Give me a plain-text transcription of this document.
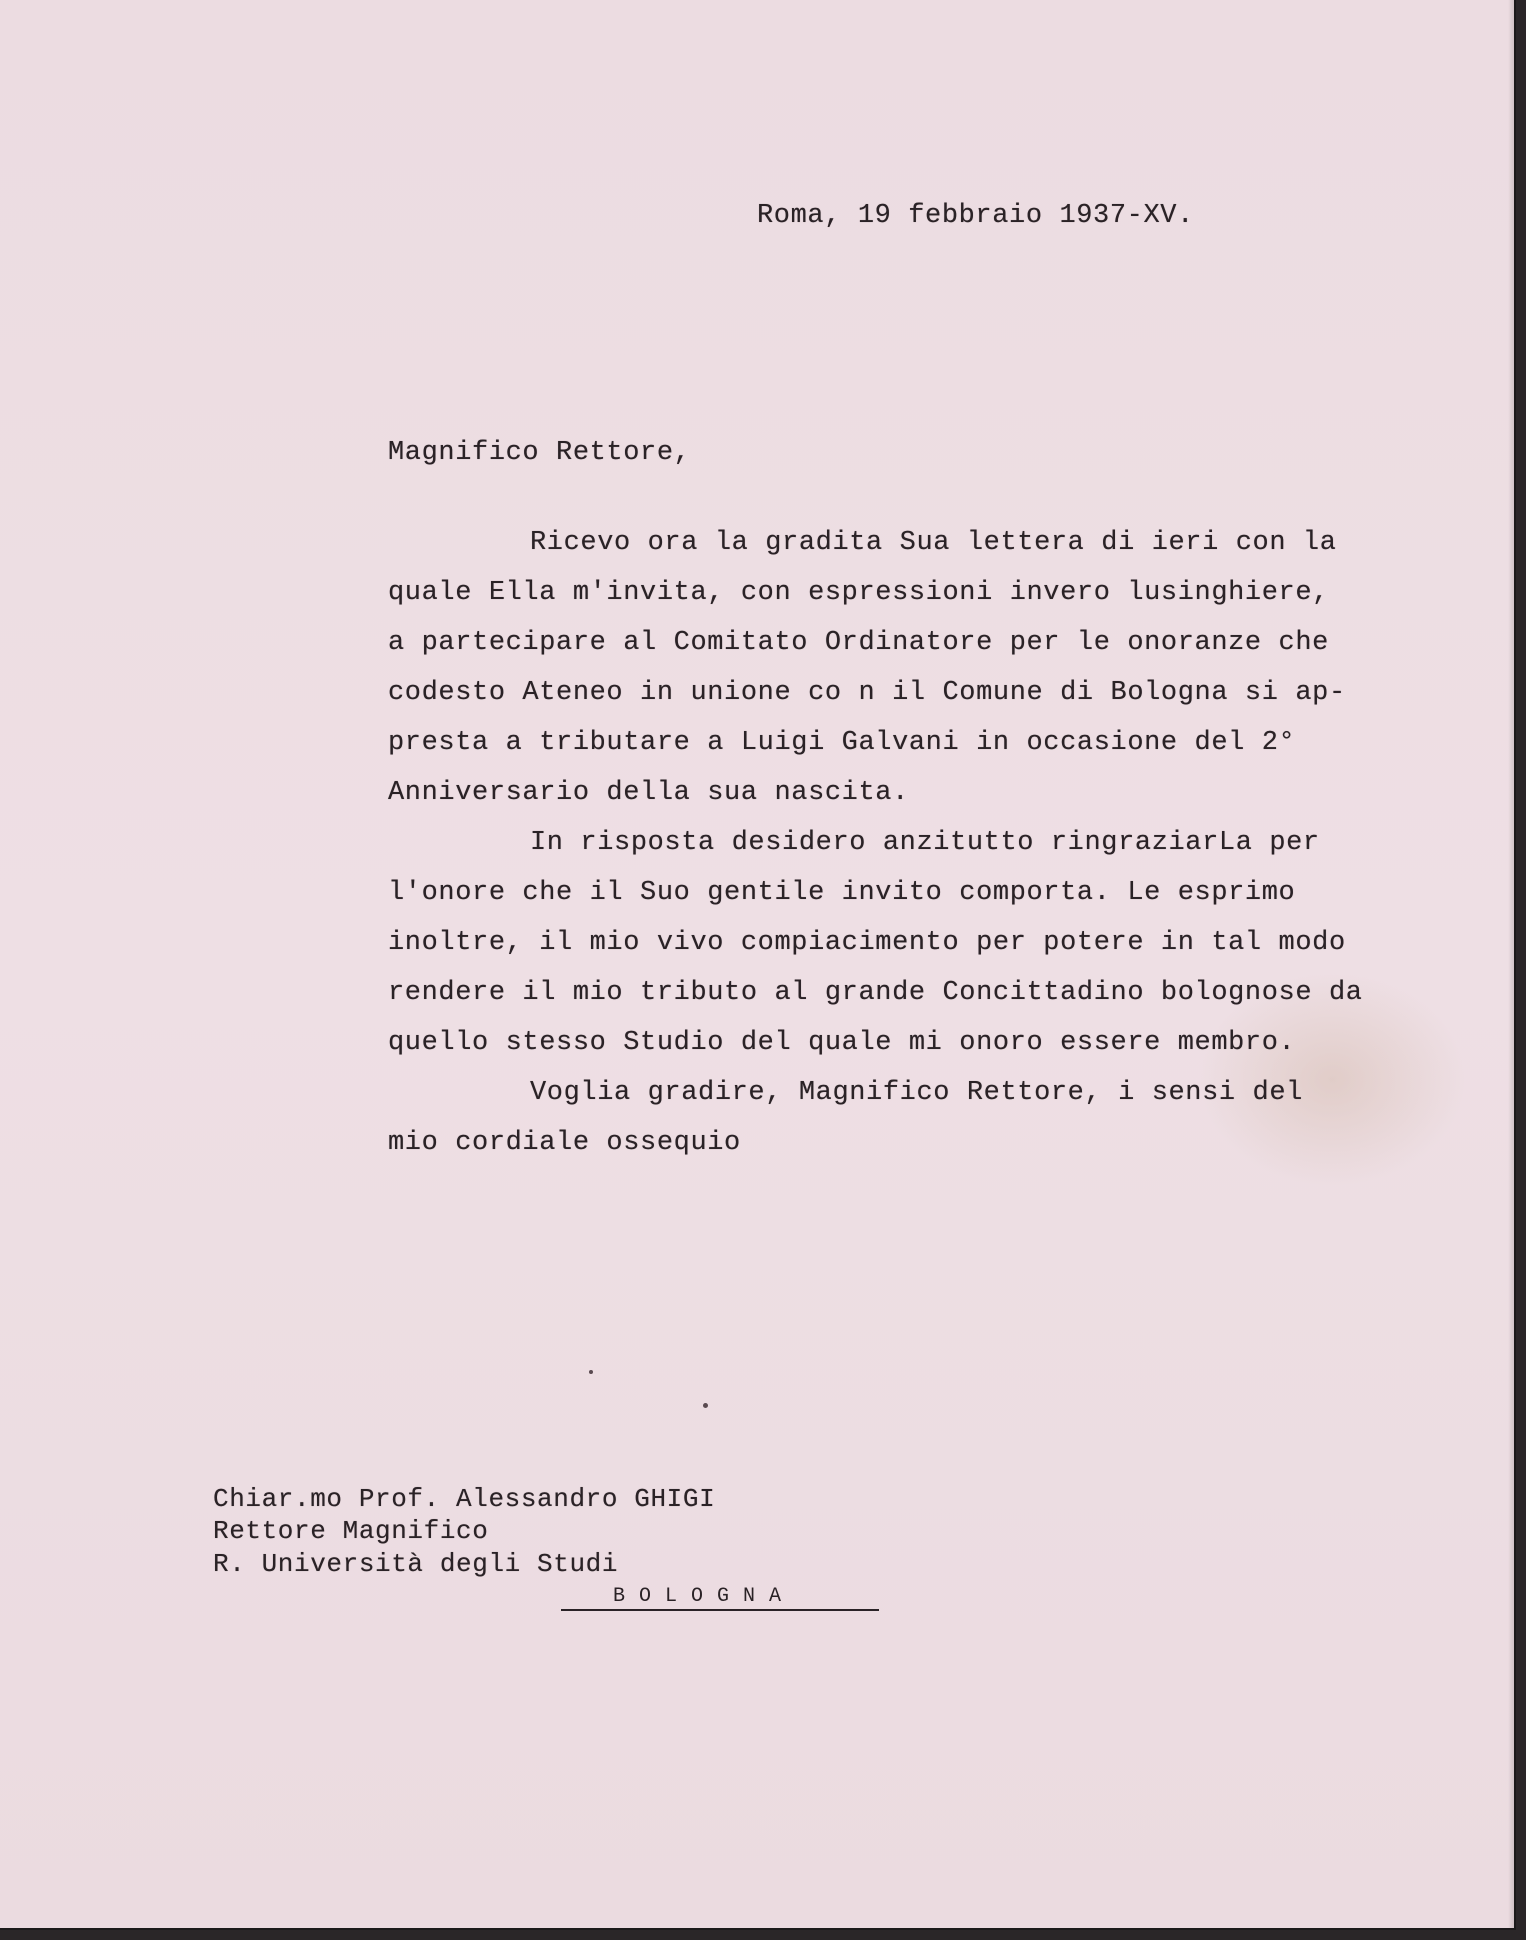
Roma, 19 febbraio 1937-XV.
Magnifico Rettore,
Ricevo ora la gradita Sua lettera di ieri con la
quale Ella m'invita, con espressioni invero lusinghiere,
a partecipare al Comitato Ordinatore per le onoranze che
codesto Ateneo in unione co n il Comune di Bologna si ap-
presta a tributare a Luigi Galvani in occasione del 2°
Anniversario della sua nascita.
In risposta desidero anzitutto ringraziarLa per
l'onore che il Suo gentile invito comporta. Le esprimo
inoltre, il mio vivo compiacimento per potere in tal modo
rendere il mio tributo al grande Concittadino bolognose da
quello stesso Studio del quale mi onoro essere membro.
Voglia gradire, Magnifico Rettore, i sensi del
mio cordiale ossequio
Chiar.mo Prof. Alessandro GHIGI
Rettore Magnifico
R. Università degli Studi
BOLOGNA
